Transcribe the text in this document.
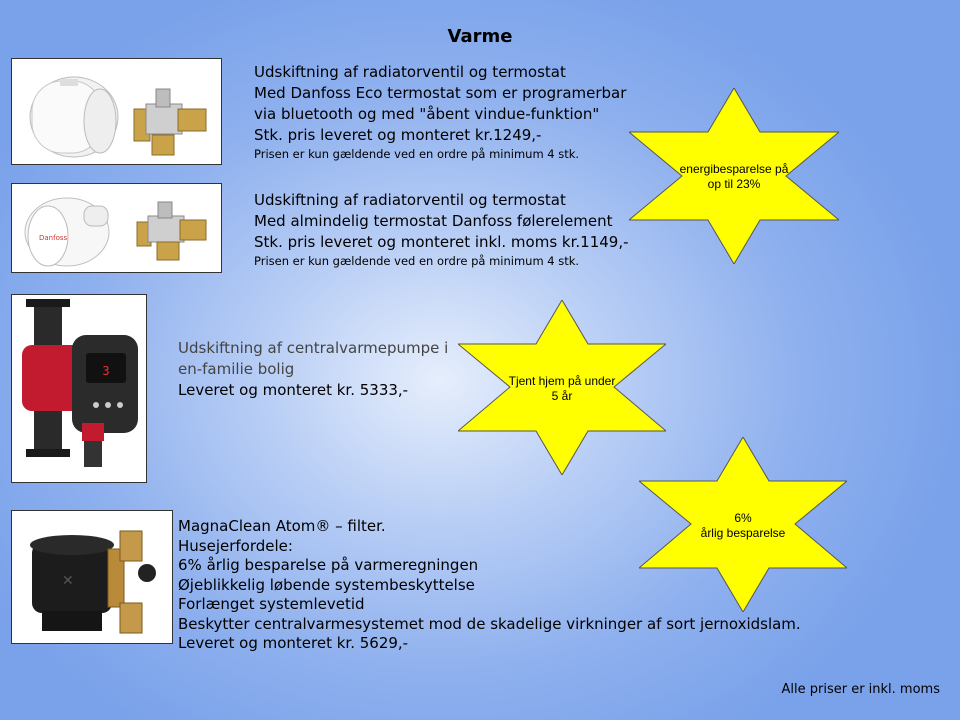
Varme
Udskiftning af radiatorventil og termostat
Med Danfoss Eco termostat som er programerbar
via bluetooth og med "åbent vindue-funktion"
Stk. pris leveret og monteret kr.1249,-
Prisen er kun gældende ved en ordre på minimum 4 stk.
Danfoss
Udskiftning af radiatorventil og termostat
Med almindelig termostat Danfoss følerelement
Stk. pris leveret og monteret inkl. moms kr.1149,-
Prisen er kun gældende ved en ordre på minimum 4 stk.
3
Udskiftning af centralvarmepumpe i
en-familie bolig
Leveret og monteret kr. 5333,-
✕
MagnaClean Atom® – filter.
Husejerfordele:
6% årlig besparelse på varmeregningen
Øjeblikkelig løbende systembeskyttelse
Forlænget systemlevetid
Beskytter centralvarmesystemet mod de skadelige virkninger af sort jernoxidslam.
Leveret og monteret kr. 5629,-
energibesparelse på
op til 23%
Tjent hjem på under
5 år
6%
årlig besparelse
Alle priser er inkl. moms
